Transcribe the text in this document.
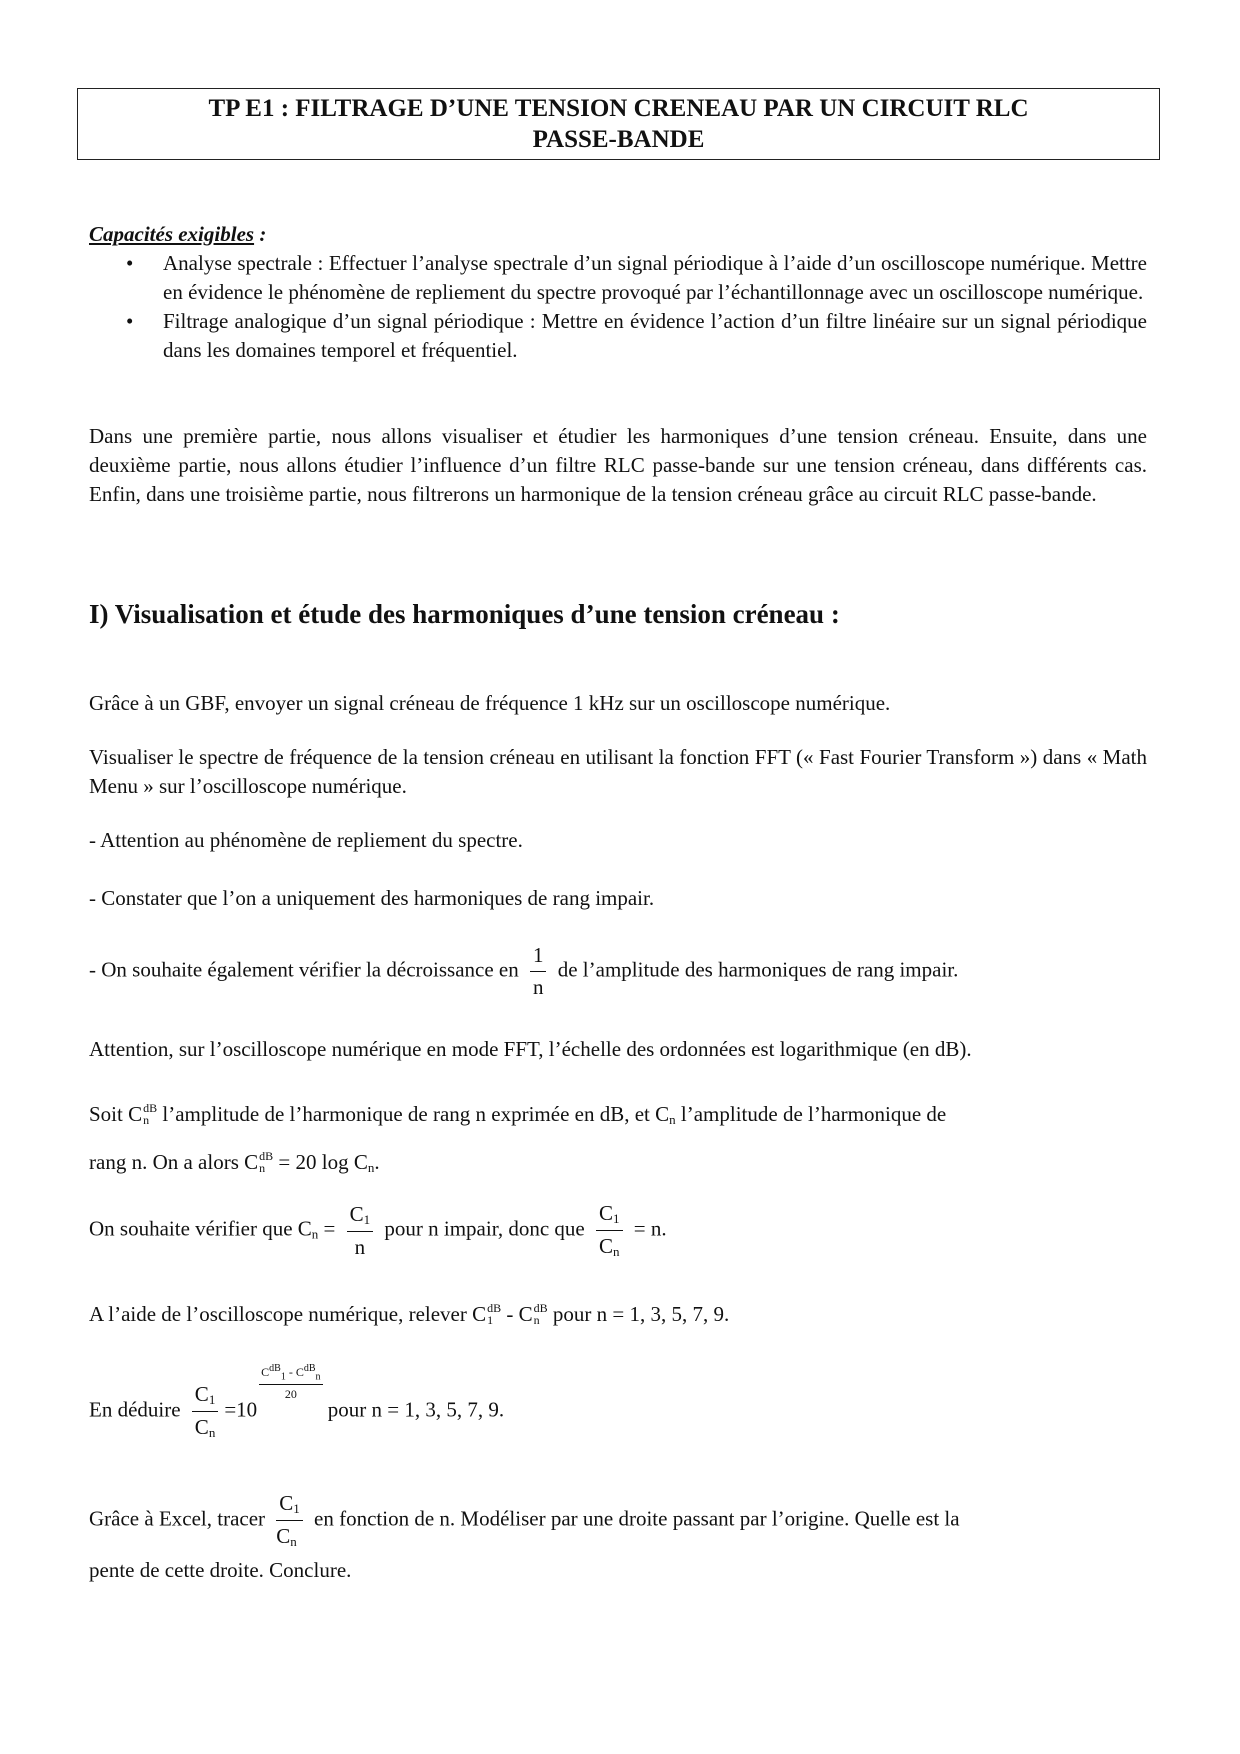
TP E1 : FILTRAGE D’UNE TENSION CRENEAU PAR UN CIRCUIT RLC
PASSE-BANDE
Capacités exigibles :
• Analyse spectrale : Effectuer l’analyse spectrale d’un signal périodique à l’aide d’un oscilloscope numérique. Mettre en évidence le phénomène de repliement du spectre provoqué par l’échantillonnage avec un oscilloscope numérique.
• Filtrage analogique d’un signal périodique : Mettre en évidence l’action d’un filtre linéaire sur un signal périodique dans les domaines temporel et fréquentiel.
Dans une première partie, nous allons visualiser et étudier les harmoniques d’une tension créneau. Ensuite, dans une deuxième partie, nous allons étudier l’influence d’un filtre RLC passe-bande sur une tension créneau, dans différents cas. Enfin, dans une troisième partie, nous filtrerons un harmonique de la tension créneau grâce au circuit RLC passe-bande.
I) Visualisation et étude des harmoniques d’une tension créneau :
Grâce à un GBF, envoyer un signal créneau de fréquence 1 kHz sur un oscilloscope numérique.
Visualiser le spectre de fréquence de la tension créneau en utilisant la fonction FFT (« Fast Fourier Transform ») dans « Math Menu » sur l’oscilloscope numérique.
- Attention au phénomène de repliement du spectre.
- Constater que l’on a uniquement des harmoniques de rang impair.
- On souhaite également vérifier la décroissance en $\frac{1}{n}$ de l’amplitude des harmoniques de rang impair.
Attention, sur l’oscilloscope numérique en mode FFT, l’échelle des ordonnées est logarithmique (en dB).
Soit C dB
n l’amplitude de l’harmonique de rang n exprimée en dB, et $C_n$ l’amplitude de l’harmonique de
rang n. On a alors C dB
n = 20 $\log C_n$.
On souhaite vérifier que $C_n = \frac{C_1}{n}$ pour n impair, donc que $\frac{C_1}{C_n} = n$.
A l’aide de l’oscilloscope numérique, relever C dB
1 - C dB
n pour n = 1, 3, 5, 7, 9.
En déduire $\frac{C_1}{C_n} =10$
$\frac{C^{dB}_1 - C^{dB}_n}{20}$
pour n = 1, 3, 5, 7, 9.
Grâce à Excel, tracer $\frac{C_1}{C_n}$ en fonction de n. Modéliser par une droite passant par l’origine. Quelle est la
pente de cette droite. Conclure.
